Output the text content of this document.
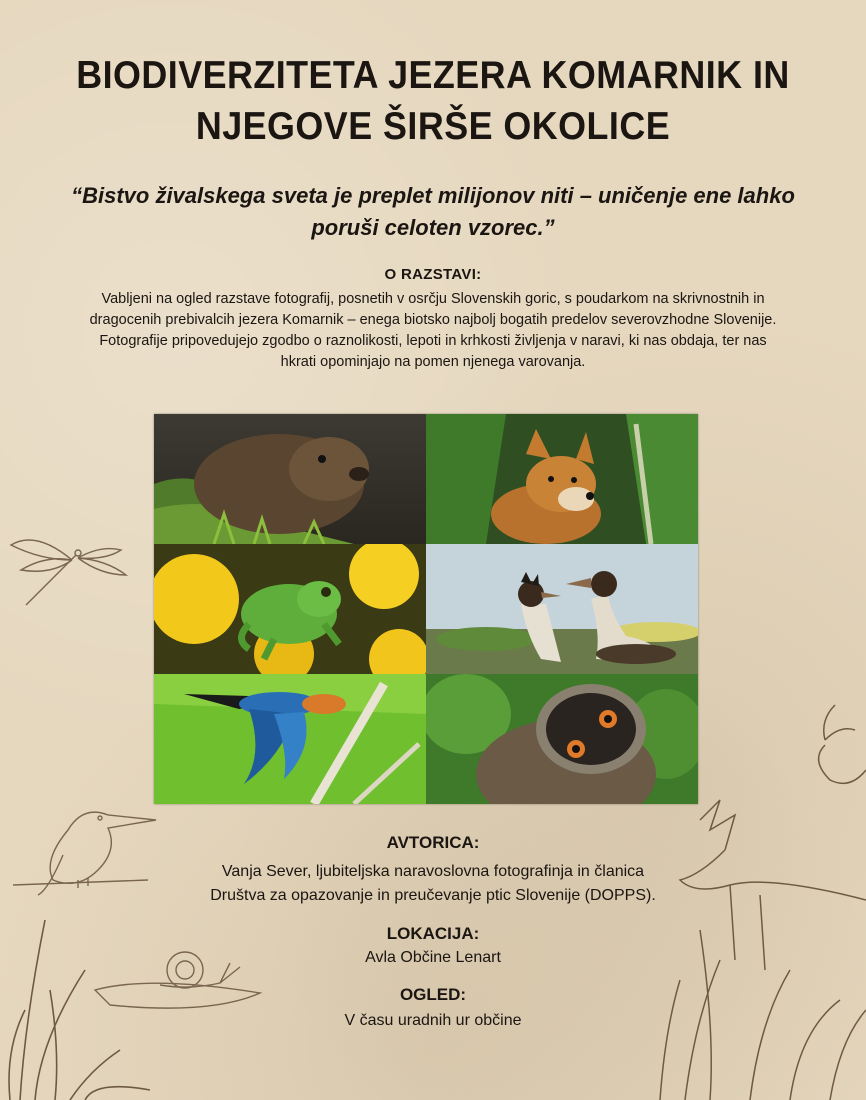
BIODIVERZITETA JEZERA KOMARNIK IN
NJEGOVE ŠIRŠE OKOLICE
“Bistvo živalskega sveta je preplet milijonov niti – uničenje ene lahko
poruši celoten vzorec.”
O RAZSTAVI:
Vabljeni na ogled razstave fotografij, posnetih v osrčju Slovenskih goric, s poudarkom na skrivnostnih in
dragocenih prebivalcih jezera Komarnik – enega biotsko najbolj bogatih predelov severovzhodne Slovenije.
Fotografije pripovedujejo zgodbo o raznolikosti, lepoti in krhkosti življenja v naravi, ki nas obdaja, ter nas
hkrati opominjajo na pomen njenega varovanja.
AVTORICA:
Vanja Sever, ljubiteljska naravoslovna fotografinja in članica
Društva za opazovanje in preučevanje ptic Slovenije (DOPPS).
LOKACIJA:
Avla Občine Lenart
OGLED:
V času uradnih ur občine
